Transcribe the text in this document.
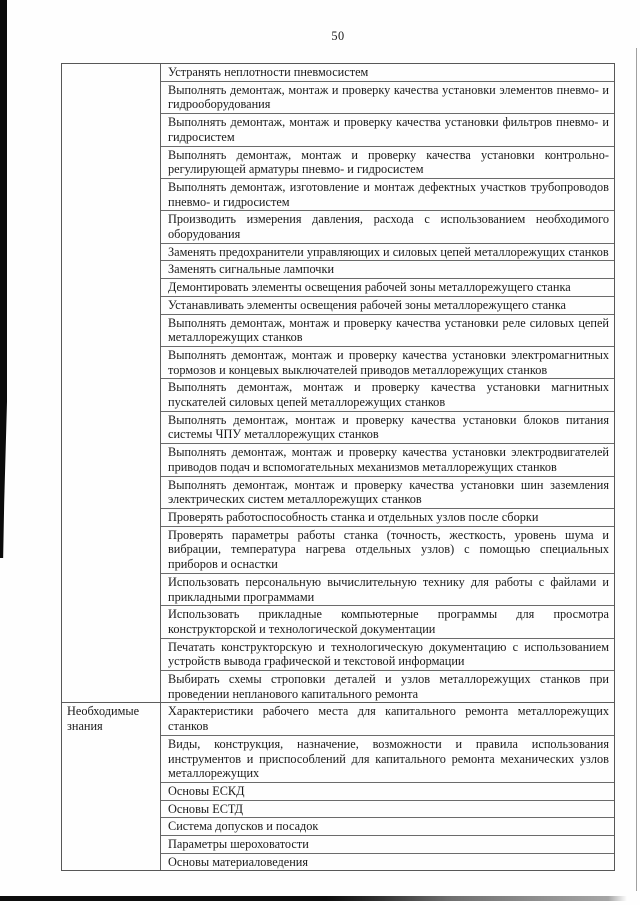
50
Устранять неплотности пневмосистем
Выполнять демонтаж, монтаж и проверку качества установки элементов пневмо- и гидрооборудования
Выполнять демонтаж, монтаж и проверку качества установки фильтров пневмо- и гидросистем
Выполнять демонтаж, монтаж и проверку качества установки контрольно-регулирующей арматуры пневмо- и гидросистем
Выполнять демонтаж, изготовление и монтаж дефектных участков трубопроводов пневмо- и гидросистем
Производить измерения давления, расхода с использованием необходимого оборудования
Заменять предохранители управляющих и силовых цепей металлорежущих станков
Заменять сигнальные лампочки
Демонтировать элементы освещения рабочей зоны металлорежущего станка
Устанавливать элементы освещения рабочей зоны металлорежущего станка
Выполнять демонтаж, монтаж и проверку качества установки реле силовых цепей металлорежущих станков
Выполнять демонтаж, монтаж и проверку качества установки электромагнитных тормозов и концевых выключателей приводов металлорежущих станков
Выполнять демонтаж, монтаж и проверку качества установки магнитных пускателей силовых цепей металлорежущих станков
Выполнять демонтаж, монтаж и проверку качества установки блоков питания системы ЧПУ металлорежущих станков
Выполнять демонтаж, монтаж и проверку качества установки электродвигателей приводов подач и вспомогательных механизмов металлорежущих станков
Выполнять демонтаж, монтаж и проверку качества установки шин заземления электрических систем металлорежущих станков
Проверять работоспособность станка и отдельных узлов после сборки
Проверять параметры работы станка (точность, жесткость, уровень шума и вибрации, температура нагрева отдельных узлов) с помощью специальных приборов и оснастки
Использовать персональную вычислительную технику для работы с файлами и прикладными программами
Использовать прикладные компьютерные программы для просмотра конструкторской и технологической документации
Печатать конструкторскую и технологическую документацию с использованием устройств вывода графической и текстовой информации
Выбирать схемы строповки деталей и узлов металлорежущих станков при проведении непланового капитального ремонта
Необходимые знания
Характеристики рабочего места для капитального ремонта металлорежущих станков
Виды, конструкция, назначение, возможности и правила использования инструментов и приспособлений для капитального ремонта механических узлов металлорежущих
Основы ЕСКД
Основы ЕСТД
Система допусков и посадок
Параметры шероховатости
Основы материаловедения
